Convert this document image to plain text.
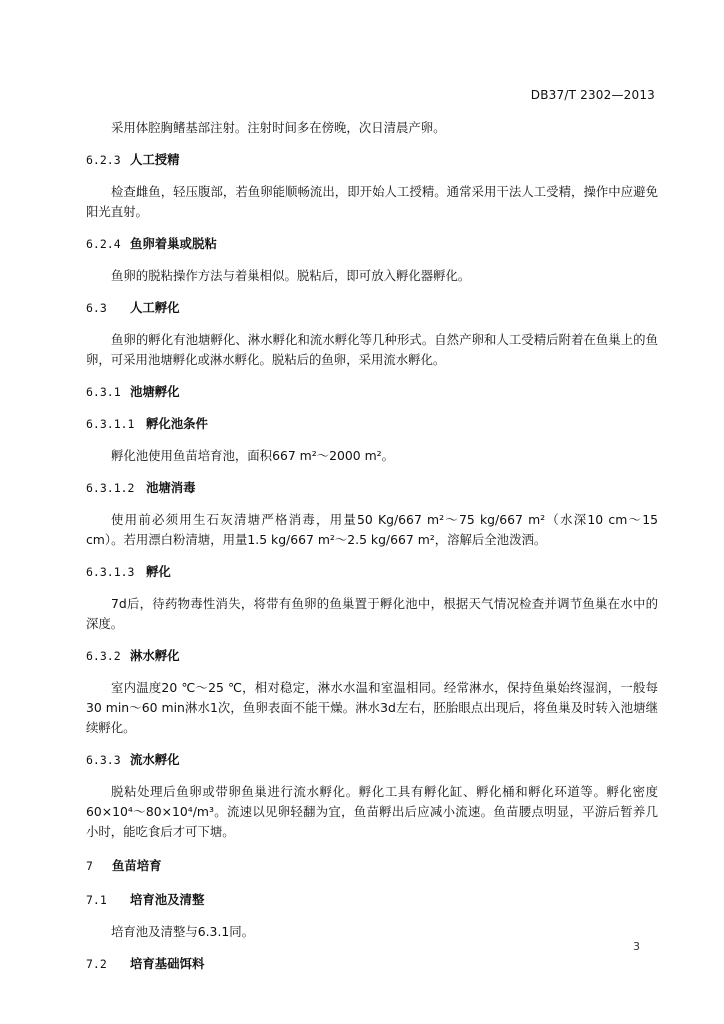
DB37/T 2302—2013

采用体腔胸鳍基部注射。注射时间多在傍晚，次日清晨产卵。

6.2.3 人工授精

检查雌鱼，轻压腹部，若鱼卵能顺畅流出，即开始人工授精。通常采用干法人工受精，操作中应避免阳光直射。

6.2.4 鱼卵着巢或脱粘

鱼卵的脱粘操作方法与着巢相似。脱粘后，即可放入孵化器孵化。

6.3	人工孵化

鱼卵的孵化有池塘孵化、淋水孵化和流水孵化等几种形式。自然产卵和人工受精后附着在鱼巢上的鱼卵，可采用池塘孵化或淋水孵化。脱粘后的鱼卵，采用流水孵化。

6.3.1 池塘孵化
6.3.1.1 孵化池条件

孵化池使用鱼苗培育池，面积667 m²～2000 m²。

6.3.1.2 池塘消毒

使用前必须用生石灰清塘严格消毒，用量50 Kg/667 m²～75 kg/667 m²（水深10 cm～15 cm）。若用漂白粉清塘，用量1.5 kg/667 m²～2.5 kg/667 m²，溶解后全池泼洒。

6.3.1.3 孵化

7d后，待药物毒性消失，将带有鱼卵的鱼巢置于孵化池中，根据天气情况检查并调节鱼巢在水中的深度。

6.3.2 淋水孵化

室内温度20 ℃～25 ℃，相对稳定，淋水水温和室温相同。经常淋水，保持鱼巢始终湿润，一般每30 min～60 min淋水1次，鱼卵表面不能干燥。淋水3d左右，胚胎眼点出现后，将鱼巢及时转入池塘继续孵化。

6.3.3 流水孵化

脱粘处理后鱼卵或带卵鱼巢进行流水孵化。孵化工具有孵化缸、孵化桶和孵化环道等。孵化密度60×10⁴～80×10⁴/m³。流速以见卵轻翻为宜，鱼苗孵出后应减小流速。鱼苗腰点明显，平游后暂养几小时，能吃食后才可下塘。

7	鱼苗培育
7.1	培育池及清整

培育池及清整与6.3.1同。

7.2	培育基础饵料
3
